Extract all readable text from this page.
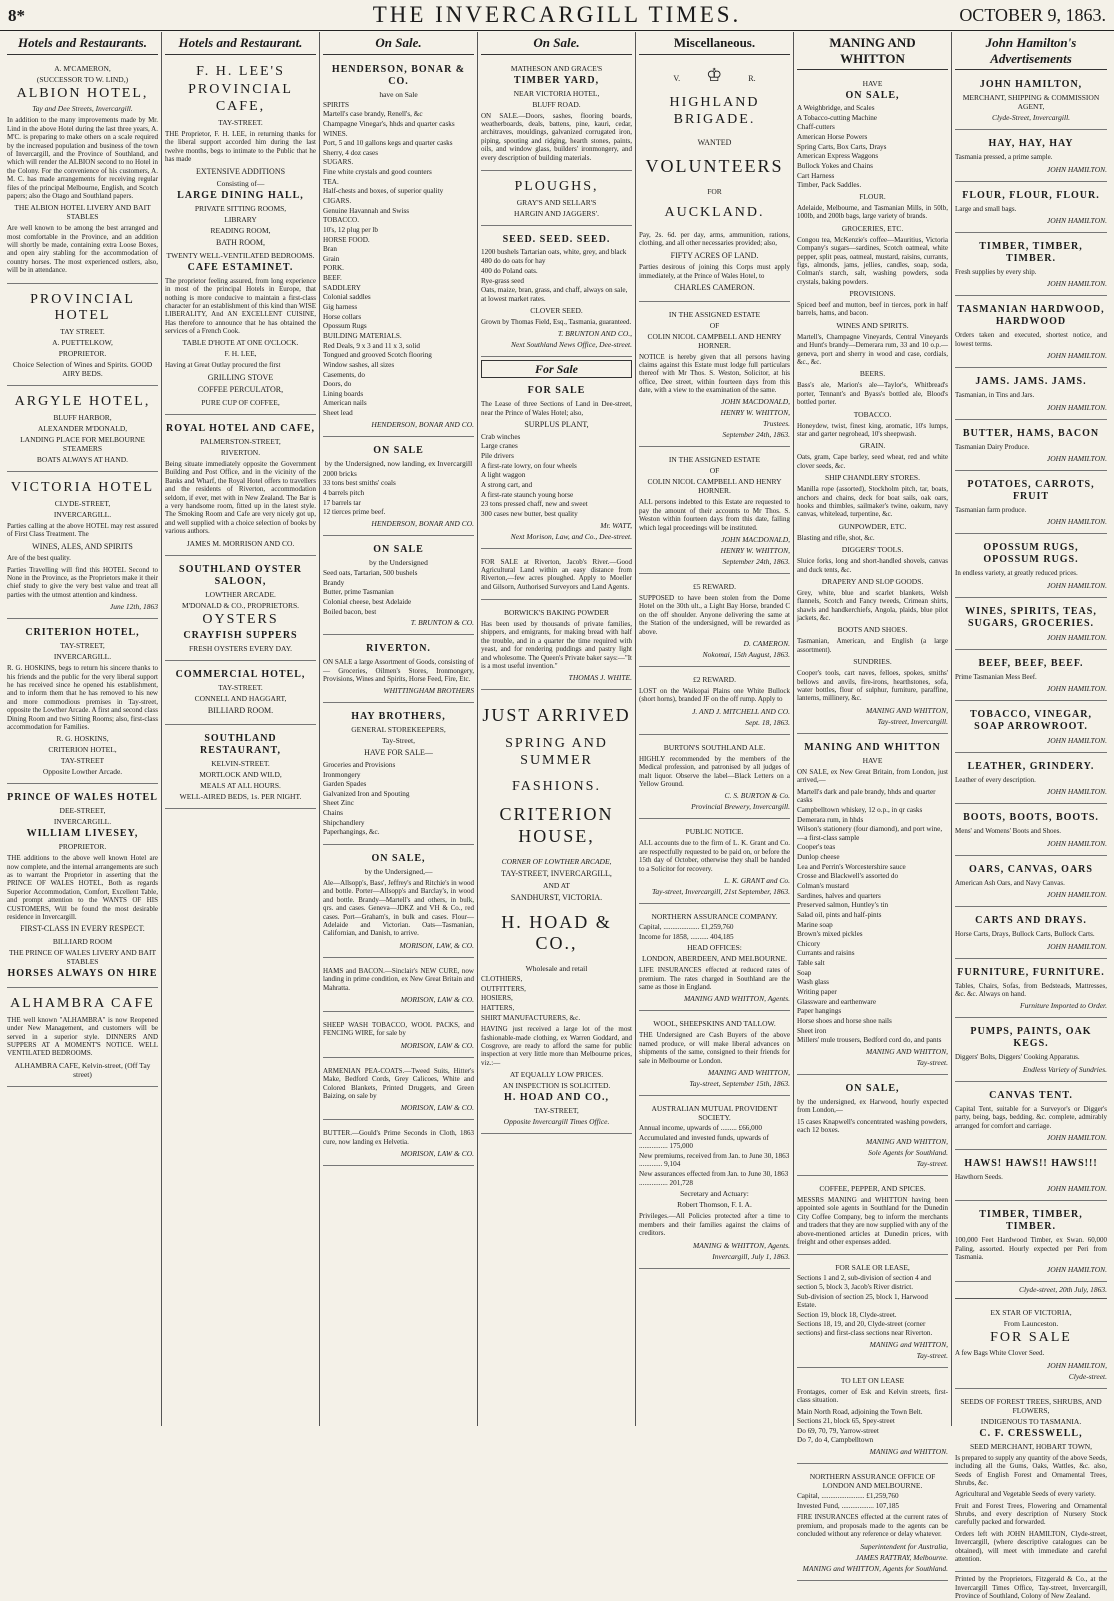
8*	THE INVERCARGILL TIMES.	OCTOBER 9, 1863.
Hotels and Restaurants.
A. M'CAMERON,
(SUCCESSOR TO W. LIND,)
ALBION HOTEL,
Tay and Dee Streets, Invercargill.
In addition to the many improvements made by Mr. Lind in the above Hotel during the last three years, A. M'C. is preparing to make others on a scale required by the increased population and business of the town of Invercargill, and the Province of Southland, and which will render the ALBION second to no Hotel in the Colony. For the convenience of his customers, A. M. C. has made arrangements for receiving regular files of the principal Melbourne, English, and Scotch papers; also the Otago and Southland papers.
THE ALBION HOTEL LIVERY AND BAIT STABLES
Are well known to be among the best arranged and most comfortable in the Province, and an addition will shortly be made, containing extra Loose Boxes, and open airy stabling for the accommodation of country horses. The most experienced ostlers, also, will be in attendance.
PROVINCIAL HOTEL
TAY STREET.
A. PUETTELKOW,
PROPRIETOR.
Choice Selection of Wines and Spirits. GOOD AIRY BEDS.
ARGYLE HOTEL,
BLUFF HARBOR,
ALEXANDER M'DONALD,
LANDING PLACE FOR MELBOURNE STEAMERS
BOATS ALWAYS AT HAND.
VICTORIA HOTEL
CLYDE-STREET,
INVERCARGILL.
Parties calling at the above HOTEL may rest assured of First Class Treatment. The
WINES, ALES, AND SPIRITS
Are of the best quality.
Parties Travelling will find this HOTEL Second to None in the Province, as the Proprietors make it their chief study to give the very best value and treat all parties with the utmost attention and kindness.
June 12th, 1863
CRITERION HOTEL,
TAY-STREET,
INVERCARGILL.
R. G. HOSKINS, begs to return his sincere thanks to his friends and the public for the very liberal support he has received since he opened his establishment, and to inform them that he has removed to his new and more commodious premises in Tay-street, opposite the Lowther Arcade. A first and second class Dining Room and two Sitting Rooms; also, first-class accommodation for Families.
R. G. HOSKINS,
CRITERION HOTEL,
TAY-STREET
Opposite Lowther Arcade.
PRINCE OF WALES HOTEL
DEE-STREET,
INVERCARGILL.
WILLIAM LIVESEY,
PROPRIETOR.
THE additions to the above well known Hotel are now complete, and the internal arrangements are such as to warrant the Proprietor in asserting that the PRINCE OF WALES HOTEL, Both as regards Superior Accommodation, Comfort, Excellent Table, and prompt attention to the WANTS OF HIS CUSTOMERS, Will be found the most desirable residence in Invercargill.
FIRST-CLASS IN EVERY RESPECT.
BILLIARD ROOM
THE PRINCE OF WALES LIVERY AND BAIT STABLES
HORSES ALWAYS ON HIRE
ALHAMBRA CAFE
THE well known "ALHAMBRA" is now Reopened under New Management, and customers will be served in a superior style. DINNERS AND SUPPERS AT A MOMENT'S NOTICE. WELL VENTILATED BEDROOMS.
ALHAMBRA CAFE, Kelvin-street, (Off Tay street)
Hotels and Restaurant.
F. H. LEE'S
PROVINCIAL CAFE,
TAY-STREET.
THE Proprietor, F. H. LEE, in returning thanks for the liberal support accorded him during the last twelve months, begs to intimate to the Public that he has made
EXTENSIVE ADDITIONS
Consisting of—
LARGE DINING HALL,
PRIVATE SITTING ROOMS,
LIBRARY
READING ROOM,
BATH ROOM,
TWENTY WELL-VENTILATED BEDROOMS.
CAFE ESTAMINET.
The proprietor feeling assured, from long experience in most of the principal Hotels in Europe, that nothing is more conducive to maintain a first-class character for an establishment of this kind than WISE LIBERALITY, And AN EXCELLENT CUISINE, Has therefore to announce that he has obtained the services of a French Cook.
TABLE D'HOTE AT ONE O'CLOCK.
F. H. LEE,
Having at Great Outlay procured the first
GRILLING STOVE
COFFEE PERCULATOR,
PURE CUP OF COFFEE,
ROYAL HOTEL AND CAFE,
PALMERSTON-STREET,
RIVERTON.
Being situate immediately opposite the Government Building and Post Office, and in the vicinity of the Banks and Wharf, the Royal Hotel offers to travellers and the residents of Riverton, accommodation seldom, if ever, met with in New Zealand. The Bar is a very handsome room, fitted up in the latest style. The Smoking Room and Cafe are very nicely got up, and well supplied with a choice selection of books by various authors.
JAMES M. MORRISON AND CO.
SOUTHLAND OYSTER SALOON,
LOWTHER ARCADE.
M'DONALD & CO., PROPRIETORS.
OYSTERS
CRAYFISH SUPPERS
FRESH OYSTERS EVERY DAY.
COMMERCIAL HOTEL,
TAY-STREET.
CONNELL AND HAGGART,
BILLIARD ROOM.
SOUTHLAND RESTAURANT,
KELVIN-STREET.
MORTLOCK AND WILD,
MEALS AT ALL HOURS.
WELL-AIRED BEDS, 1s. PER NIGHT.
On Sale.
HENDERSON, BONAR & CO.
have on Sale
SPIRITS
Martell's case brandy, Renell's, &c
Champagne Vinegar's, hhds and quarter casks
WINES.
Port, 5 and 10 gallons kegs and quarter casks
Sherry, 4 doz cases
SUGARS.
Fine white crystals and good counters
TEA.
Half-chests and boxes, of superior quality
CIGARS.
Genuine Havannah and Swiss
TOBACCO.
10's, 12 plug per lb
HORSE FOOD.
Bran
Grain
PORK.
BEEF.
SADDLERY
Colonial saddles
Gig harness
Horse collars
Opossum Rugs
BUILDING MATERIALS.
Red Deals, 9 x 3 and 11 x 3, solid
Tongued and grooved Scotch flooring
Window sashes, all sizes
Casements, do
Doors, do
Lining boards
American nails
Sheet lead
HENDERSON, BONAR AND CO.
ON SALE
by the Undersigned, now landing, ex Invercargill
2000 bricks
33 tons best smiths' coals
4 barrels pitch
17 barrels tar
12 tierces prime beef.
HENDERSON, BONAR AND CO.
ON SALE
by the Undersigned
Seed oats, Tartarian, 500 bushels
Brandy
Butter, prime Tasmanian
Colonial cheese, best Adelaide
Boiled bacon, best
T. BRUNTON & CO.
RIVERTON.
ON SALE a large Assortment of Goods, consisting of— Groceries, Oilmen's Stores, Ironmongery, Provisions, Wines and Spirits, Horse Feed, Fire, Etc.
WHITTINGHAM BROTHERS
HAY BROTHERS,
GENERAL STOREKEEPERS,
Tay-Street,
HAVE FOR SALE—
Groceries and Provisions
Ironmongery
Garden Spades
Galvanized Iron and Spouting
Sheet Zinc
Chains
Shipchandlery
Paperhangings, &c.
ON SALE,
by the Undersigned,—
Ale—Allsopp's, Bass', Jeffrey's and Ritchie's in wood and bottle. Porter—Allsopp's and Barclay's, in wood and bottle. Brandy—Martell's and others, in bulk, qrs. and cases. Geneva—JDKZ and VH & Co., red cases. Port—Graham's, in bulk and cases. Flour—Adelaide and Victorian. Oats—Tasmanian, Californian, and Danish, to arrive.
MORISON, LAW, & CO.
HAMS and BACON.—Sinclair's NEW CURE, now landing in prime condition, ex New Great Britain and Mahratta.
MORISON, LAW & CO.
SHEEP WASH TOBACCO, WOOL PACKS, and FENCING WIRE, for sale by
MORISON, LAW & CO.
ARMENIAN PEA-COATS.—Tweed Suits, Hitter's Make, Bedford Cords, Grey Calicoes, White and Colored Blankets, Printed Druggets, and Green Baizing, on sale by
MORISON, LAW & CO.
BUTTER.—Gould's Prime Seconds in Cloth, 1863 cure, now landing ex Helvetia.
MORISON, LAW & CO.
On Sale.
MATHESON AND GRACE'S
TIMBER YARD,
NEAR VICTORIA HOTEL,
BLUFF ROAD.
ON SALE.—Doors, sashes, flooring boards, weatherboards, deals, battens, pine, kauri, cedar, architraves, mouldings, galvanized corrugated iron, piping, spouting and ridging, hearth stones, paints, oils, and window glass, builders' ironmongery, and every description of building materials.
PLOUGHS,
GRAY'S AND SELLAR'S
HARGIN AND JAGGERS'.
SEED. SEED. SEED.
1200 bushels Tartarian oats, white, grey, and black
480 do do oats for hay
400 do Poland oats.
Rye-grass seed
Oats, maize, bran, grass, and chaff, always on sale, at lowest market rates.
CLOVER SEED.
Grown by Thomas Field, Esq., Tasmania, guaranteed.
T. BRUNTON AND CO.,
Next Southland News Office, Dee-street.
For Sale
FOR SALE
The Lease of three Sections of Land in Dee-street, near the Prince of Wales Hotel; also,
SURPLUS PLANT,
Crab winches
Large cranes
Pile drivers
A first-rate lowry, on four wheels
A light waggon
A strong cart, and
A first-rate staunch young horse
23 tons pressed chaff, new and sweet
300 cases new butter, best quality
Mr. WATT,
Next Morison, Law, and Co., Dee-street.
FOR SALE at Riverton, Jacob's River.—Good Agricultural Land within an easy distance from Riverton,—few acres ploughed. Apply to Moeller and Gilsorn, Authorised Surveyors and Land Agents.
BORWICK'S BAKING POWDER
Has been used by thousands of private families, shippers, and emigrants, for making bread with half the trouble, and in a quarter the time required with yeast, and for rendering puddings and pastry light and wholesome. The Queen's Private baker says:—"It is a most useful invention."
THOMAS J. WHITE.
JUST ARRIVED
SPRING AND SUMMER
FASHIONS.
CRITERION HOUSE,
CORNER OF LOWTHER ARCADE,
TAY-STREET, INVERCARGILL,
AND AT
SANDHURST, VICTORIA.
H. HOAD & CO.,
Wholesale and retail
CLOTHIERS,
OUTFITTERS,
HOSIERS,
HATTERS,
SHIRT MANUFACTURERS, &c.
HAVING just received a large lot of the most fashionable-made clothing, ex Warren Goddard, and Cosgrove, are ready to afford the same for public inspection at very little more than Melbourne prices, viz.:—
AT EQUALLY LOW PRICES.
AN INSPECTION IS SOLICITED.
H. HOAD AND CO.,
TAY-STREET,
Opposite Invercargill Times Office.
Miscellaneous.
V. ♔	R.
HIGHLAND BRIGADE.
WANTED
VOLUNTEERS
FOR
AUCKLAND.
Pay, 2s. 6d. per day, arms, ammunition, rations, clothing, and all other necessaries provided; also,
FIFTY ACRES OF LAND.
Parties desirous of joining this Corps must apply immediately, at the Prince of Wales Hotel, to
CHARLES CAMERON.
IN THE ASSIGNED ESTATE
OF
COLIN NICOL CAMPBELL AND HENRY HORNER.
NOTICE is hereby given that all persons having claims against this Estate must lodge full particulars thereof with Mr Thos. S. Weston, Solicitor, at his office, Dee street, within fourteen days from this date, with a view to the examination of the same.
JOHN MACDONALD,
HENRY W. WHITTON,
Trustees.
September 24th, 1863.
IN THE ASSIGNED ESTATE
OF
COLIN NICOL CAMPBELL AND HENRY HORNER.
ALL persons indebted to this Estate are requested to pay the amount of their accounts to Mr Thos. S. Weston within fourteen days from this date, failing which legal proceedings will be instituted.
JOHN MACDONALD,
HENRY W. WHITTON,
September 24th, 1863.
£5 REWARD.
SUPPOSED to have been stolen from the Dome Hotel on the 30th ult., a Light Bay Horse, branded C on the off shoulder. Anyone delivering the same at the Station of the undersigned, will be rewarded as above.
D. CAMERON.
Nokomai, 15th August, 1863.
£2 REWARD.
LOST on the Waikopai Plains one White Bullock (short horns), branded JF on the off rump. Apply to
J. AND J. MITCHELL AND CO.
Sept. 18, 1863.
BURTON'S SOUTHLAND ALE.
HIGHLY recommended by the members of the Medical profession, and patronised by all judges of malt liquor. Observe the label—Black Letters on a Yellow Ground.
C. S. BURTON & Co.
Provincial Brewery, Invercargill.
PUBLIC NOTICE.
ALL accounts due to the firm of L. K. Grant and Co. are respectfully requested to be paid on, or before the 15th day of October, otherwise they shall be handed to a Solicitor for recovery.
L. K. GRANT and Co.
Tay-street, Invercargill, 21st September, 1863.
NORTHERN ASSURANCE COMPANY.
Capital, .................... £1,259,760
Income for 1858, .......... 404,185
HEAD OFFICES:
LONDON, ABERDEEN, AND MELBOURNE.
LIFE INSURANCES effected at reduced rates of premium. The rates charged in Southland are the same as those in England.
MANING AND WHITTON, Agents.
WOOL, SHEEPSKINS AND TALLOW.
THE Undersigned are Cash Buyers of the above named produce, or will make liberal advances on shipments of the same, consigned to their friends for sale in Melbourne or London.
MANING AND WHITTON,
Tay-street, September 15th, 1863.
AUSTRALIAN MUTUAL PROVIDENT SOCIETY.
Annual income, upwards of ......... £66,000
Accumulated and invested funds, upwards of ................ 175,000
New premiums, received from Jan. to June 30, 1863 ............. 9,104
New assurances effected from Jan. to June 30, 1863 ................ 201,728
Secretary and Actuary:
Robert Thomson, F. I. A.
Privileges.—All Policies protected after a time to members and their families against the claims of creditors.
MANING & WHITTON, Agents.
Invercargill, July 1, 1863.
MANING AND WHITTON
HAVE
ON SALE,
A Weighbridge, and Scales
A Tobacco-cutting Machine
Chaff-cutters
American Horse Powers
Spring Carts, Box Carts, Drays
American Express Waggons
Bullock Yokes and Chains
Cart Harness
Timber, Pack Saddles.
FLOUR.
Adelaide, Melbourne, and Tasmanian Mills, in 50lb, 100lb, and 200lb bags, large variety of brands.
GROCERIES, ETC.
Congou tea, McKenzie's coffee—Mauritius, Victoria Company's sugars—sardines, Scotch oatmeal, white pepper, split peas, oatmeal, mustard, raisins, currants, figs, almonds, jams, jellies, candles, soap, soda, Colman's starch, salt, washing powders, soda crystals, baking powders.
PROVISIONS.
Spiced beef and mutton, beef in tierces, pork in half barrels, hams, and bacon.
WINES AND SPIRITS.
Martell's, Champagne Vineyards, Central Vineyards and Hunt's brandy—Demerara rum, 33 and 10 o.p.—geneva, port and sherry in wood and case, cordials, &c., &c.
BEERS.
Bass's ale, Marion's ale—Taylor's, Whitbread's porter, Tennant's and Byass's bottled ale, Blood's bottled porter.
TOBACCO.
Honeydew, twist, finest king, aromatic, 10's lumps, star and garter negrohead, 10's sheepwash.
GRAIN.
Oats, gram, Cape barley, seed wheat, red and white clover seeds, &c.
SHIP CHANDLERY STORES.
Manilla rope (assorted), Stockholm pitch, tar, boats, anchors and chains, deck for boat sails, oak oars, hooks and thimbles, sailmaker's twine, oakum, navy canvas, whitelead, turpentine, &c.
GUNPOWDER, ETC.
Blasting and rifle, shot, &c.
DIGGERS' TOOLS.
Sluice forks, long and short-handled shovels, canvas and duck tents, &c.
DRAPERY AND SLOP GOODS.
Grey, white, blue and scarlet blankets, Welsh flannels, Scotch and Fancy tweeds, Crimean shirts, shawls and handkerchiefs, Angola, plaids, blue pilot jackets, &c.
BOOTS AND SHOES.
Tasmanian, American, and English (a large assortment).
SUNDRIES.
Cooper's tools, cart naves, felloes, spokes, smiths' bellows and anvils, fire-irons, hearthstones, sofa, water bottles, flour of sulphur, furniture, paraffine, lanterns, millinery, &c.
MANING AND WHITTON,
Tay-street, Invercargill.
MANING AND WHITTON
HAVE
ON SALE, ex New Great Britain, from London, just arrived,—
Martell's dark and pale brandy, hhds and quarter casks
Campbelltown whiskey, 12 o.p., in qr casks
Demerara rum, in hhds
Wilson's stationery (four diamond), and port wine,—a first-class sample
Cooper's teas
Dunlop cheese
Lea and Perrin's Worcestershire sauce
Crosse and Blackwell's assorted do
Colman's mustard
Sardines, halves and quarters
Preserved salmon, Huntley's tin
Salad oil, pints and half-pints
Marine soap
Brown's mixed pickles
Chicory
Currants and raisins
Table salt
Soap
Wash glass
Writing paper
Glassware and earthenware
Paper hangings
Horse shoes and horse shoe nails
Sheet iron
Millers' mule trousers, Bedford cord do, and pants
MANING AND WHITTON,
Tay-street.
ON SALE,
by the undersigned, ex Harwood, hourly expected from London,—
15 cases Knapwell's concentrated washing powders, each 12 boxes.
MANING AND WHITTON,
Sole Agents for Southland.
Tay-street.
COFFEE, PEPPER, AND SPICES.
MESSRS MANING and WHITTON having been appointed sole agents in Southland for the Dunedin City Coffee Company, beg to inform the merchants and traders that they are now supplied with any of the above-mentioned articles at Dunedin prices, with freight and other expenses added.
FOR SALE OR LEASE,
Sections 1 and 2, sub-division of section 4 and section 5, block 3, Jacob's River district.
Sub-division of section 25, block 1, Harwood Estate.
Section 19, block 18, Clyde-street.
Sections 18, 19, and 20, Clyde-street (corner sections) and first-class sections near Riverton.
MANING and WHITTON,
Tay-street.
TO LET ON LEASE
Frontages, corner of Esk and Kelvin streets, first-class situation.
Main North Road, adjoining the Town Belt.
Sections 21, block 65, Spey-street
Do 69, 70, 79, Yarrow-street
Do 7, do 4, Campbelltown
MANING and WHITTON.
NORTHERN ASSURANCE OFFICE OF LONDON AND MELBOURNE.
Capital, ........................ £1,259,760
Invested Fund, .................. 107,185
FIRE INSURANCES effected at the current rates of premium, and proposals made to the agents can be concluded without any reference or delay whatever.
Superintendent for Australia,
JAMES RATTRAY, Melbourne.
MANING and WHITTON, Agents for Southland.
John Hamilton's Advertisements
JOHN HAMILTON,
MERCHANT, SHIPPING & COMMISSION AGENT,
Clyde-Street, Invercargill.
HAY, HAY, HAY
Tasmania pressed, a prime sample.
JOHN HAMILTON.
FLOUR, FLOUR, FLOUR.
Large and small bags.
JOHN HAMILTON.
TIMBER, TIMBER, TIMBER.
Fresh supplies by every ship.
JOHN HAMILTON.
TASMANIAN HARDWOOD, HARDWOOD
Orders taken and executed, shortest notice, and lowest terms.
JOHN HAMILTON.
JAMS. JAMS. JAMS.
Tasmanian, in Tins and Jars.
JOHN HAMILTON.
BUTTER, HAMS, BACON
Tasmanian Dairy Produce.
JOHN HAMILTON.
POTATOES, CARROTS, FRUIT
Tasmanian farm produce.
JOHN HAMILTON.
OPOSSUM RUGS, OPOSSUM RUGS.
In endless variety, at greatly reduced prices.
JOHN HAMILTON.
WINES, SPIRITS, TEAS, SUGARS, GROCERIES.
JOHN HAMILTON.
BEEF, BEEF, BEEF.
Prime Tasmanian Mess Beef.
JOHN HAMILTON.
TOBACCO, VINEGAR, SOAP ARROWROOT.
JOHN HAMILTON.
LEATHER, GRINDERY.
Leather of every description.
JOHN HAMILTON.
BOOTS, BOOTS, BOOTS.
Mens' and Womens' Boots and Shoes.
JOHN HAMILTON.
OARS, CANVAS, OARS
American Ash Oars, and Navy Canvas.
JOHN HAMILTON.
CARTS AND DRAYS.
Horse Carts, Drays, Bullock Carts, Bullock Carts.
JOHN HAMILTON.
FURNITURE, FURNITURE.
Tables, Chairs, Sofas, from Bedsteads, Mattresses, &c. &c. Always on hand.
Furniture Imported to Order.
PUMPS, PAINTS, OAK KEGS.
Diggers' Bolts, Diggers' Cooking Apparatus.
Endless Variety of Sundries.
CANVAS TENT.
Capital Tent, suitable for a Surveyor's or Digger's party, being, bags, bedding, &c. complete, admirably arranged for comfort and carriage.
JOHN HAMILTON.
HAWS! HAWS!! HAWS!!!
Hawthorn Seeds.
JOHN HAMILTON.
TIMBER, TIMBER, TIMBER.
100,000 Feet Hardwood Timber, ex Swan. 60,000 Paling, assorted. Hourly expected per Peri from Tasmania.
JOHN HAMILTON.
Clyde-street, 20th July, 1863.
EX STAR OF VICTORIA,
From Launceston.
FOR SALE
A few Bags White Clover Seed.
JOHN HAMILTON,
Clyde-street.
SEEDS OF FOREST TREES, SHRUBS, AND FLOWERS,
INDIGENOUS TO TASMANIA.
C. F. CRESSWELL,
SEED MERCHANT, HOBART TOWN,
Is prepared to supply any quantity of the above Seeds, including all the Gums, Oaks, Wattles, &c. also, Seeds of English Forest and Ornamental Trees, Shrubs, &c.
Agricultural and Vegetable Seeds of every variety.
Fruit and Forest Trees, Flowering and Ornamental Shrubs, and every description of Nursery Stock carefully packed and forwarded.
Orders left with JOHN HAMILTON, Clyde-street, Invercargill, (where descriptive catalogues can be obtained), will meet with immediate and careful attention.
Printed by the Proprietors, Fitzgerald & Co., at the Invercargill Times Office, Tay-street, Invercargill, Province of Southland, Colony of New Zealand.
